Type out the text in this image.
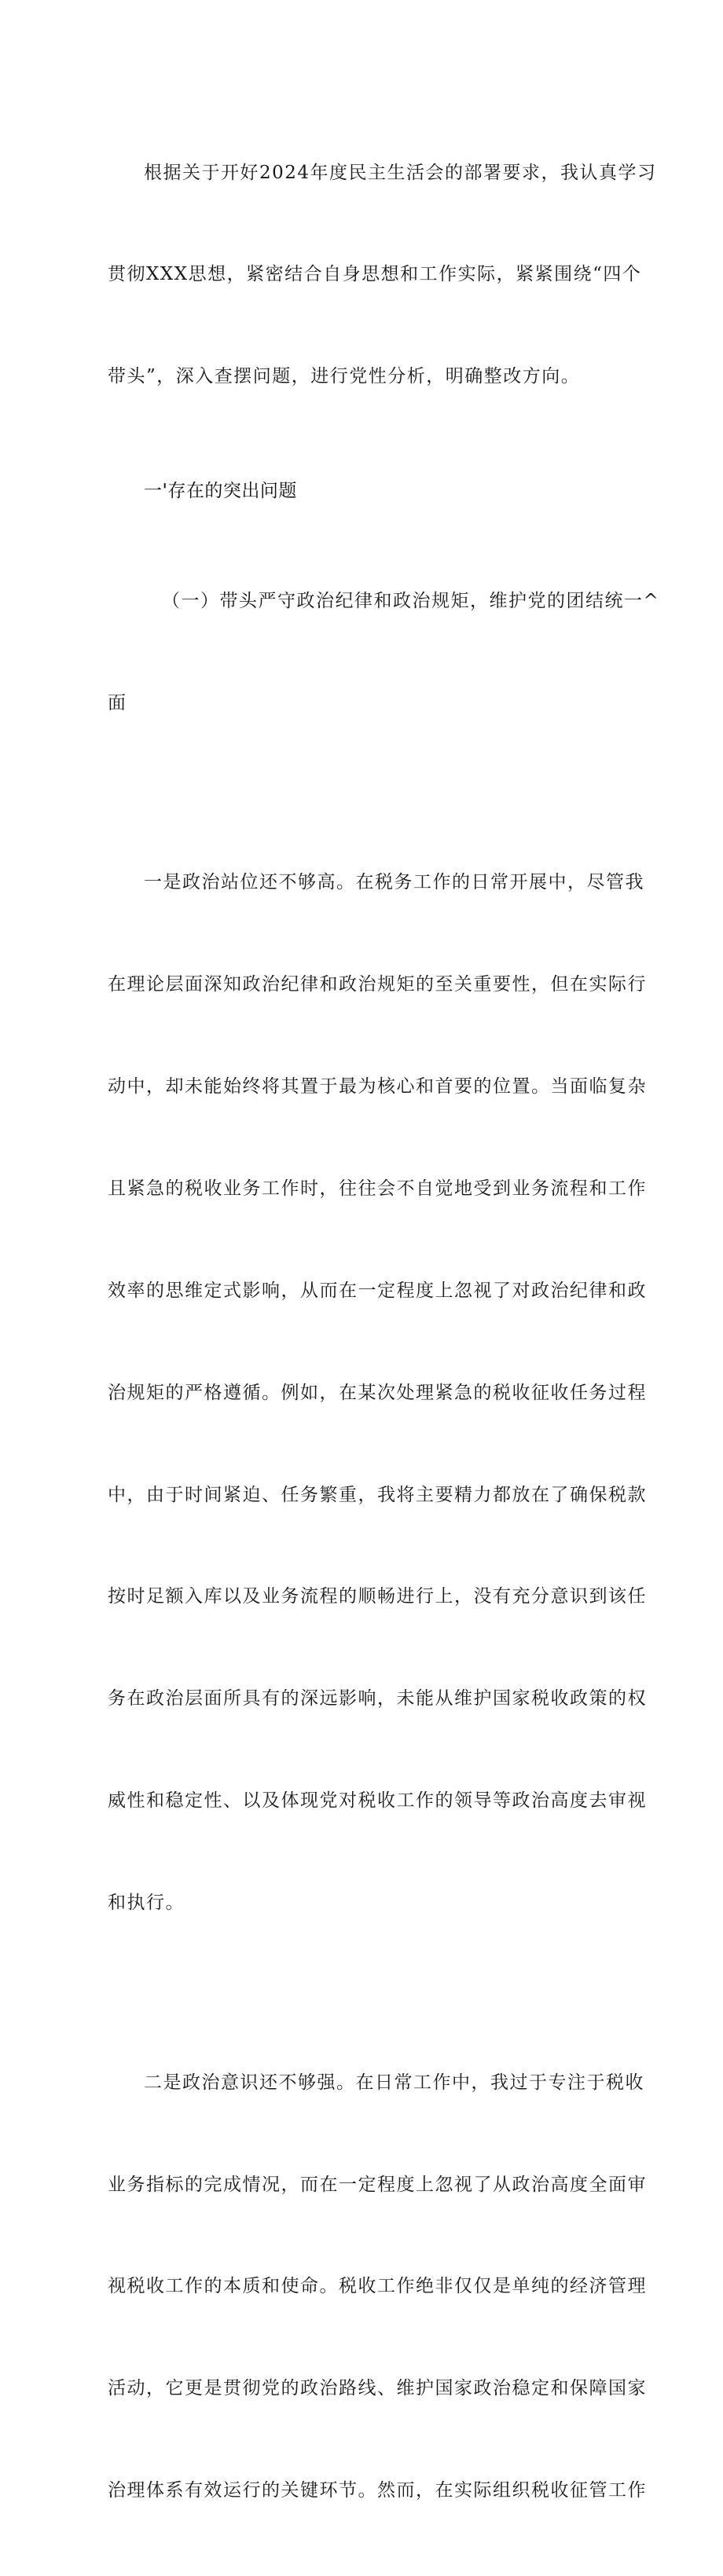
根据关于开好2024年度民主生活会的部署要求，我认真学习

贯彻XXX思想，紧密结合自身思想和工作实际，紧紧围绕“四个

带头”，深入查摆问题，进行党性分析，明确整改方向。

一'存在的突出问题

（一）带头严守政治纪律和政治规矩，维护党的团结统一^

面

一是政治站位还不够高。在税务工作的日常开展中，尽管我

在理论层面深知政治纪律和政治规矩的至关重要性，但在实际行

动中，却未能始终将其置于最为核心和首要的位置。当面临复杂

且紧急的税收业务工作时，往往会不自觉地受到业务流程和工作

效率的思维定式影响，从而在一定程度上忽视了对政治纪律和政

治规矩的严格遵循。例如，在某次处理紧急的税收征收任务过程

中，由于时间紧迫、任务繁重，我将主要精力都放在了确保税款

按时足额入库以及业务流程的顺畅进行上，没有充分意识到该任

务在政治层面所具有的深远影响，未能从维护国家税收政策的权

威性和稳定性、以及体现党对税收工作的领导等政治高度去审视

和执行。

二是政治意识还不够强。在日常工作中，我过于专注于税收

业务指标的完成情况，而在一定程度上忽视了从政治高度全面审

视税收工作的本质和使命。税收工作绝非仅仅是单纯的经济管理

活动，它更是贯彻党的政治路线、维护国家政治稳定和保障国家

治理体系有效运行的关键环节。然而，在实际组织税收征管工作
